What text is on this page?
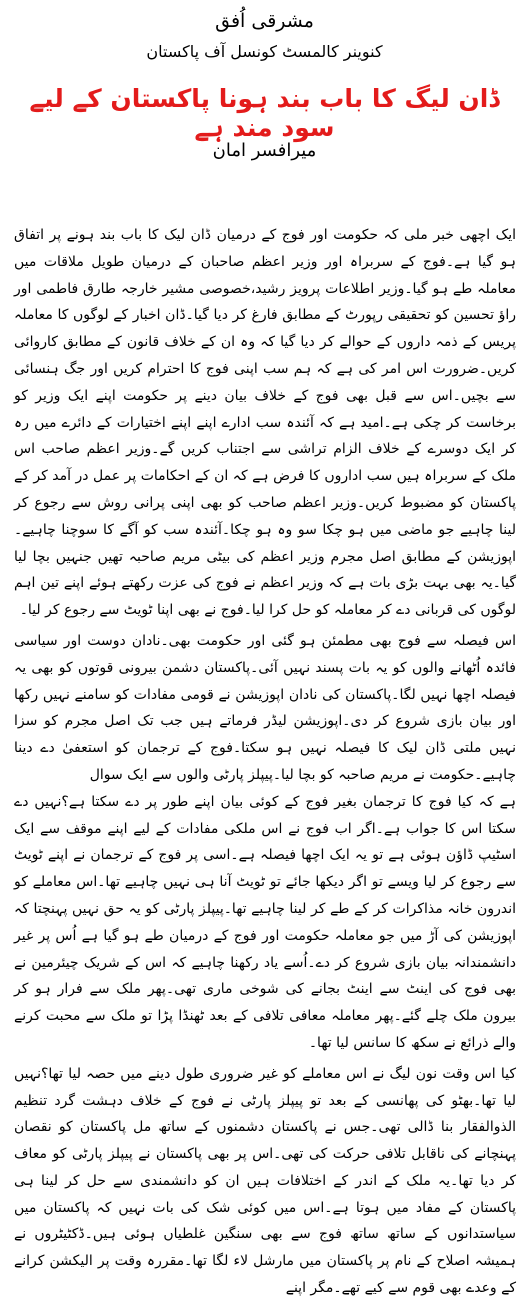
مشرقی اُفق
کنوینر کالمسٹ کونسل آف پاکستان
ڈان لیگ کا باب بند ہونا پاکستان کے لیے سود مند ہے
میرافسر امان

ایک اچھی خبر ملی کہ حکومت اور فوج کے درمیان ڈان لیک کا باب بند ہونے پر اتفاق ہو گیا ہے۔فوج کے سربراہ اور وزیر اعظم صاحبان کے درمیان طویل ملاقات میں معاملہ طے ہو گیا۔وزیر اطلاعات پرویز رشید،خصوصی مشیر خارجہ طارق فاطمی اور راؤ تحسین کو تحقیقی رپورٹ کے مطابق فارغ کر دیا گیا۔ڈان اخبار کے لوگوں کا معاملہ پریس کے ذمہ داروں کے حوالے کر دیا گیا کہ وہ ان کے خلاف قانون کے مطابق کاروائی کریں۔ضرورت اس امر کی ہے کہ ہم سب اپنی فوج کا احترام کریں اور جگ ہنسائی سے بچیں۔اس سے قبل بھی فوج کے خلاف بیان دینے پر حکومت اپنے ایک وزیر کو برخاست کر چکی ہے۔امید ہے کہ آئندہ سب ادارے اپنے اپنے اختیارات کے دائرے میں رہ کر ایک دوسرے کے خلاف الزام تراشی سے اجتناب کریں گے۔وزیر اعظم صاحب اس ملک کے سربراہ ہیں سب اداروں کا فرض ہے کہ ان کے احکامات پر عمل در آمد کر کے پاکستان کو مضبوط کریں۔وزیر اعظم صاحب کو بھی اپنی پرانی روش سے رجوع کر لینا چاہیے جو ماضی میں ہو چکا سو وہ ہو چکا۔آئندہ سب کو آگے کا سوچنا چاہیے۔اپوزیشن کے مطابق اصل مجرم وزیر اعظم کی بیٹی مریم صاحبہ تھیں جنہیں بچا لیا گیا۔یہ بھی بہت بڑی بات ہے کہ وزیر اعظم نے فوج کی عزت رکھتے ہوئے اپنے تین اہم لوگوں کی قربانی دے کر معاملہ کو حل کرا لیا۔فوج نے بھی اپنا ٹویٹ سے رجوع کر لیا۔

اس فیصلہ سے فوج بھی مطمئن ہو گئی اور حکومت بھی۔نادان دوست اور سیاسی فائدہ اُٹھانے والوں کو یہ بات پسند نہیں آئی۔پاکستان دشمن بیرونی قوتوں کو بھی یہ فیصلہ اچھا نہیں لگا۔پاکستان کی نادان اپوزیشن نے قومی مفادات کو سامنے نہیں رکھا اور بیان بازی شروع کر دی۔اپوزیشن لیڈر فرماتے ہیں جب تک اصل مجرم کو سزا نہیں ملتی ڈان لیک کا فیصلہ نہیں ہو سکتا۔فوج کے ترجمان کو استعفیٰ دے دینا چاہیے۔حکومت نے مریم صاحبہ کو بچا لیا۔پیپلز پارٹی والوں سے ایک سوال

ہے کہ کیا فوج کا ترجمان بغیر فوج کے کوئی بیان اپنے طور پر دے سکتا ہے؟نہیں دے سکتا اس کا جواب ہے۔اگر اب فوج نے اس ملکی مفادات کے لیے اپنے موقف سے ایک اسٹیپ ڈاؤن ہوئی ہے تو یہ ایک اچھا فیصلہ ہے۔اسی پر فوج کے ترجمان نے اپنے ٹویٹ سے رجوع کر لیا ویسے تو اگر دیکھا جائے تو ٹویٹ آنا ہی نہیں چاہیے تھا۔اس معاملے کو اندرون خانہ مذاکرات کر کے طے کر لینا چاہیے تھا۔پیپلز پارٹی کو یہ حق نہیں پہنچتا کہ اپوزیشن کی آڑ میں جو معاملہ حکومت اور فوج کے درمیان طے ہو گیا ہے اُس پر غیر دانشمندانہ بیان بازی شروع کر دے۔اُسے یاد رکھنا چاہیے کہ اس کے شریک چیئرمین نے بھی فوج کی اینٹ سے اینٹ بجانے کی شوخی ماری تھی۔پھر ملک سے فرار ہو کر بیرون ملک چلے گئے۔پھر معاملہ معافی تلافی کے بعد ٹھنڈا پڑا تو ملک سے محبت کرنے والے ذرائع نے سکھ کا سانس لیا تھا۔

کیا اس وقت نون لیگ نے اس معاملے کو غیر ضروری طول دینے میں حصہ لیا تھا؟نہیں لیا تھا۔بھٹو کی پھانسی کے بعد تو پیپلز پارٹی نے فوج کے خلاف دہشت گرد تنظیم الذوالفقار بنا ڈالی تھی۔جس نے پاکستان دشمنوں کے ساتھ مل پاکستان کو نقصان پہنچانے کی ناقابل تلافی حرکت کی تھی۔اس پر بھی پاکستان نے پیپلز پارٹی کو معاف کر دیا تھا۔یہ ملک کے اندر کے اختلافات ہیں ان کو دانشمندی سے حل کر لینا ہی پاکستان کے مفاد میں ہوتا ہے۔اس میں کوئی شک کی بات نہیں کہ پاکستان میں سیاستدانوں کے ساتھ ساتھ فوج سے بھی سنگین غلطیاں ہوئی ہیں۔ڈکٹیٹروں نے ہمیشہ اصلاح کے نام پر پاکستان میں مارشل لاء لگا تھا۔مقررہ وقت پر الیکشن کرانے کے وعدے بھی قوم سے کیے تھے۔مگر اپنے
